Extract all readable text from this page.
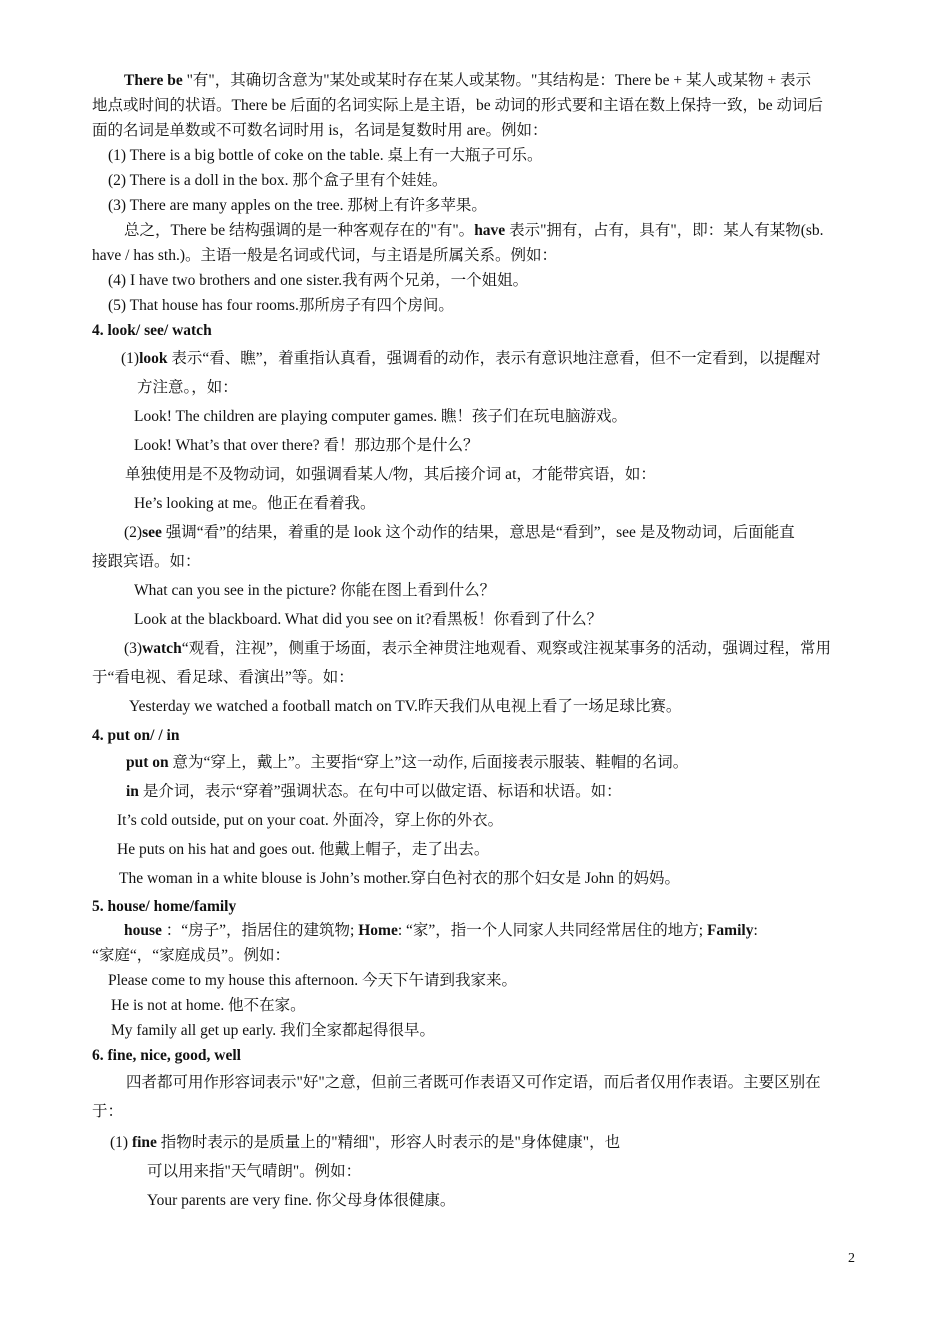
There be "有"，其确切含意为"某处或某时存在某人或某物。"其结构是：There be + 某人或某物 + 表示
地点或时间的状语。There be 后面的名词实际上是主语，be 动词的形式要和主语在数上保持一致，be 动词后
面的名词是单数或不可数名词时用 is，名词是复数时用 are。例如：
(1) There is a big bottle of coke on the table. 桌上有一大瓶子可乐。
(2) There is a doll in the box. 那个盒子里有个娃娃。
(3) There are many apples on the tree. 那树上有许多苹果。
总之，There be 结构强调的是一种客观存在的"有"。have 表示"拥有，占有，具有"，即：某人有某物(sb.
have / has sth.)。主语一般是名词或代词，与主语是所属关系。例如：
(4) I have two brothers and one sister.我有两个兄弟，一个姐姐。
(5) That house has four rooms.那所房子有四个房间。
4. look/ see/ watch
(1)look 表示“看、瞧”，着重指认真看，强调看的动作，表示有意识地注意看，但不一定看到，以提醒对
方注意。，如：
Look! The children are playing computer games. 瞧！孩子们在玩电脑游戏。
Look! What’s that over there? 看！那边那个是什么？
单独使用是不及物动词，如强调看某人/物，其后接介词 at，才能带宾语，如：
He’s looking at me。他正在看着我。
(2)see 强调“看”的结果，着重的是 look 这个动作的结果，意思是“看到”，see 是及物动词，后面能直
接跟宾语。如：
What can you see in the picture? 你能在图上看到什么？
Look at the blackboard. What did you see on it?看黑板！你看到了什么？
(3)watch“观看，注视”，侧重于场面，表示全神贯注地观看、观察或注视某事务的活动，强调过程，常用
于“看电视、看足球、看演出”等。如：
Yesterday we watched a football match on TV.昨天我们从电视上看了一场足球比赛。
4. put on/ / in
put on 意为“穿上，戴上”。主要指“穿上”这一动作, 后面接表示服装、鞋帽的名词。
in 是介词，表示“穿着”强调状态。在句中可以做定语、标语和状语。如：
It’s cold outside, put on your coat. 外面冷，穿上你的外衣。
He puts on his hat and goes out. 他戴上帽子，走了出去。
The woman in a white blouse is John’s mother.穿白色衬衣的那个妇女是 John 的妈妈。
5. house/ home/family
house ：“房子”，指居住的建筑物; Home: “家”，指一个人同家人共同经常居住的地方; Family:
“家庭“，“家庭成员”。例如：
Please come to my house this afternoon. 今天下午请到我家来。
He is not at home. 他不在家。
My family all get up early. 我们全家都起得很早。
6. fine, nice, good, well
四者都可用作形容词表示"好"之意，但前三者既可作表语又可作定语，而后者仅用作表语。主要区别在
于：
(1) fine 指物时表示的是质量上的"精细"，形容人时表示的是"身体健康"，也
可以用来指"天气晴朗"。例如：
Your parents are very fine. 你父母身体很健康。
2
